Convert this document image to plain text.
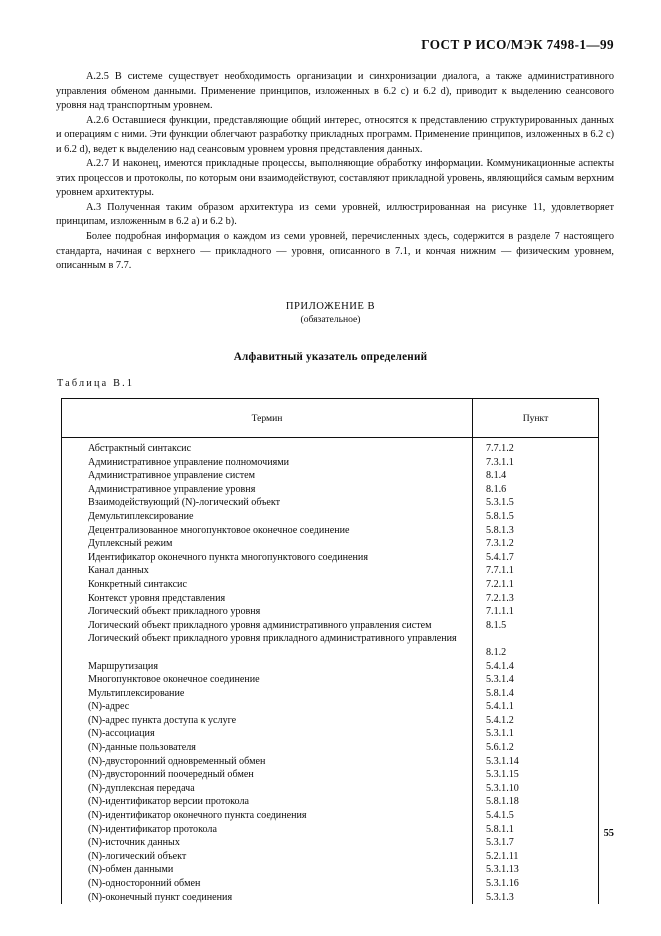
ГОСТ Р ИСО/МЭК 7498-1—99

A.2.5 В системе существует необходимость организации и синхронизации диалога, а также административного управления обменом данными. Применение принципов, изложенных в 6.2 c) и 6.2 d), приводит к выделению сеансового уровня над транспортным уровнем.

A.2.6 Оставшиеся функции, представляющие общий интерес, относятся к представлению структурированных данных и операциям с ними. Эти функции облегчают разработку прикладных программ. Применение принципов, изложенных в 6.2 c) и 6.2 d), ведет к выделению над сеансовым уровнем уровня представления данных.

A.2.7 И наконец, имеются прикладные процессы, выполняющие обработку информации. Коммуникационные аспекты этих процессов и протоколы, по которым они взаимодействуют, составляют прикладной уровень, являющийся самым верхним уровнем архитектуры.

A.3 Полученная таким образом архитектура из семи уровней, иллюстрированная на рисунке 11, удовлетворяет принципам, изложенным в 6.2 a) и 6.2 b).

Более подробная информация о каждом из семи уровней, перечисленных здесь, содержится в разделе 7 настоящего стандарта, начиная с верхнего — прикладного — уровня, описанного в 7.1, и кончая нижним — физическим уровнем, описанным в 7.7.

ПРИЛОЖЕНИЕ В
(обязательное)
Алфавитный указатель определений
Таблица В.1
Термин	Пункт
Абстрактный синтаксис	7.7.1.2
Административное управление полномочиями	7.3.1.1
Административное управление систем	8.1.4
Административное управление уровня	8.1.6
Взаимодействующий (N)-логический объект	5.3.1.5
Демультиплексирование	5.8.1.5
Децентрализованное многопунктовое оконечное соединение	5.8.1.3
Дуплексный режим	7.3.1.2
Идентификатор оконечного пункта многопунктового соединения	5.4.1.7
Канал данных	7.7.1.1
Конкретный синтаксис	7.2.1.1
Контекст уровня представления	7.2.1.3
Логический объект прикладного уровня	7.1.1.1
Логический объект прикладного уровня административного управления систем	8.1.5
Логический объект прикладного уровня прикладного административного управления
8.1.2
Маршрутизация	5.4.1.4
Многопунктовое оконечное соединение	5.3.1.4
Мультиплексирование	5.8.1.4
(N)-адрес	5.4.1.1
(N)-адрес пункта доступа к услуге	5.4.1.2
(N)-ассоциация	5.3.1.1
(N)-данные пользователя	5.6.1.2
(N)-двусторонний одновременный обмен	5.3.1.14
(N)-двусторонний поочередный обмен	5.3.1.15
(N)-дуплексная передача	5.3.1.10
(N)-идентификатор версии протокола	5.8.1.18
(N)-идентификатор оконечного пункта соединения	5.4.1.5
(N)-идентификатор протокола	5.8.1.1
(N)-источник данных	5.3.1.7
(N)-логический объект	5.2.1.11
(N)-обмен данными	5.3.1.13
(N)-односторонний обмен	5.3.1.16
(N)-оконечный пункт соединения	5.3.1.3
55
